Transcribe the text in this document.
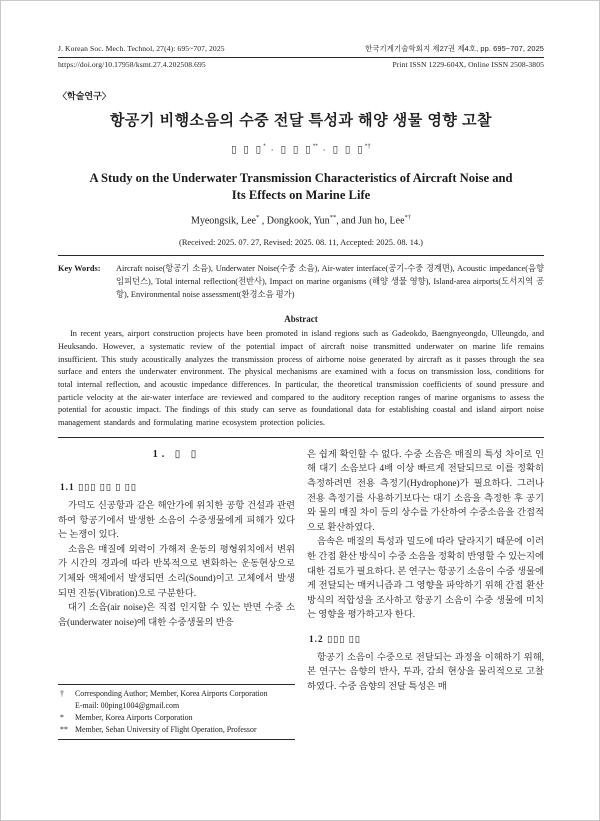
J. Korean Soc. Mech. Technol, 27(4): 695~707, 2025	한국기계기술학회지 제27권 제4호, pp. 695~707, 2025
https://doi.org/10.17958/ksmt.27.4.202508.695	Print ISSN 1229-604X, Online ISSN 2508-3805
〈학술연구〉
항공기 비행소음의 수중 전달 특성과 해양 생물 영향 고찰
▯ ▯ ▯* · ▯ ▯ ▯** · ▯ ▯ ▯*†
A Study on the Underwater Transmission Characteristics of Aircraft Noise and
Its Effects on Marine Life
Myeongsik, Lee* , Dongkook, Yun**, and Jun ho, Lee*†
(Received: 2025. 07. 27, Revised: 2025. 08. 11, Accepted: 2025. 08. 14.)
Key Words: Aircraft noise(항공기 소음), Underwater Noise(수중 소음), Air-water interface(공기-수중 경계면), Acoustic impedance(음향 임피던스), Total internal reflection(전반사), Impact on marine organisms (해양 생물 영향), Island-area airports(도서지역 공항), Environmental noise assessment(환경소음 평가)
Abstract
In recent years, airport construction projects have been promoted in island regions such as Gadeokdo, Baengnyeongdo, Ulleungdo, and Heuksando. However, a systematic review of the potential impact of aircraft noise transmitted underwater on marine life remains insufficient. This study acoustically analyzes the transmission process of airborne noise generated by aircraft as it passes through the sea surface and enters the underwater environment. The physical mechanisms are examined with a focus on transmission loss, conditions for total internal reflection, and acoustic impedance differences. In particular, the theoretical transmission coefficients of sound pressure and particle velocity at the air-water interface are reviewed and compared to the auditory reception ranges of marine organisms to assess the potential for acoustic impact. The findings of this study can serve as foundational data for establishing coastal and island airport noise management standards and formulating marine ecosystem protection policies.
1. ▯ ▯
1.1 ▯▯▯ ▯▯ ▯ ▯▯

가덕도 신공항과 같은 해안가에 위치한 공항 건설과 관련하여 항공기에서 발생한 소음이 수중생물에게 피해가 있다는 논쟁이 있다.

소음은 매질에 외력이 가해져 운동의 평형위치에서 변위가 시간의 경과에 따라 반복적으로 변화하는 운동현상으로 기체와 액체에서 발생되면 소리(Sound)이고 고체에서 발생되면 진동(Vibration)으로 구분한다.

대기 소음(air noise)은 직접 인지할 수 있는 반면 수중 소음(underwater noise)에 대한 수중생물의 반응

† Corresponding Author; Member, Korea Airports Corporation
E-mail: 00ping1004@gmail.com
* Member, Korea Airports Corporation
** Member, Sehan University of Flight Operation, Professor

은 쉽게 확인할 수 없다. 수중 소음은 매질의 특성 차이로 인해 대기 소음보다 4배 이상 빠르게 전달되므로 이를 정확히 측정하려면 전용 측정기(Hydrophone)가 필요하다. 그러나 전용 측정기를 사용하기보다는 대기 소음을 측정한 후 공기와 물의 매질 차이 등의 상수를 가산하여 수중소음을 간접적으로 환산하였다.

음속은 매질의 특성과 밀도에 따라 달라지기 때문에 이러한 간접 환산 방식이 수중 소음을 정확히 반영할 수 있는지에 대한 검토가 필요하다. 본 연구는 항공기 소음이 수중 생물에게 전달되는 매커니즘과 그 영향을 파악하기 위해 간접 환산 방식의 적합성을 조사하고 항공기 소음이 수중 생물에 미치는 영향을 평가하고자 한다.

1.2 ▯▯▯ ▯▯

항공기 소음이 수중으로 전달되는 과정을 이해하기 위해, 본 연구는 음향의 반사, 투과, 감쇠 현상을 물리적으로 고찰하였다. 수중 음향의 전달 특성은 매
